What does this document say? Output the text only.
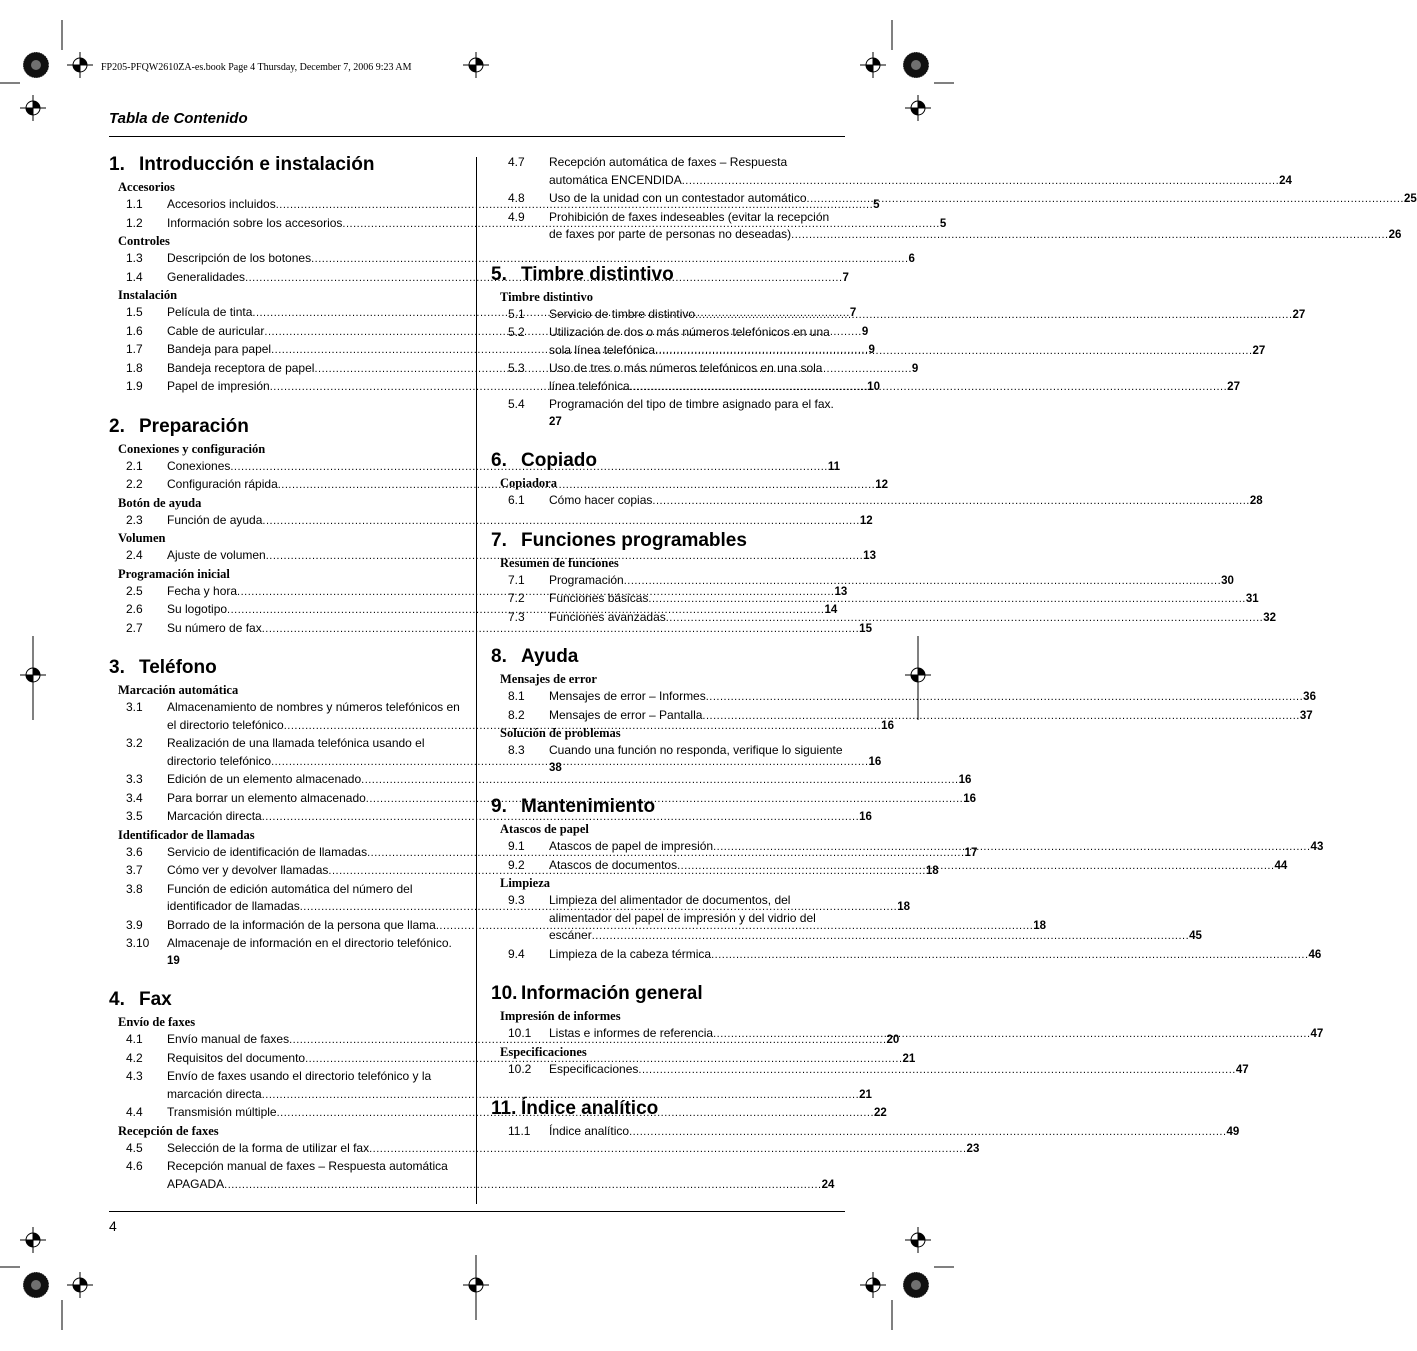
FP205-PFQW2610ZA-es.book Page 4 Thursday, December 7, 2006 9:23 AM
Tabla de Contenido
1. Introducción e instalación
Accesorios
1.1	Accesorios incluidos .....	5
1.2	Información sobre los accesorios .....	5
Controles
1.3	Descripción de los botones .....	6
1.4	Generalidades .....	7
Instalación
1.5	Película de tinta .....	7
1.6	Cable de auricular .....	9
1.7	Bandeja para papel .....	9
1.8	Bandeja receptora de papel .....	9
1.9	Papel de impresión .....	10
2. Preparación
Conexiones y configuración
2.1	Conexiones .....	11
2.2	Configuración rápida .....	12
Botón de ayuda
2.3	Función de ayuda .....	12
Volumen
2.4	Ajuste de volumen .....	13
Programación inicial
2.5	Fecha y hora .....	13
2.6	Su logotipo .....	14
2.7	Su número de fax .....	15
3. Teléfono
Marcación automática
3.1	Almacenamiento de nombres y números telefónicos en
el directorio telefónico .....	16
3.2	Realización de una llamada telefónica usando el
directorio telefónico .....	16
3.3	Edición de un elemento almacenado .....	16
3.4	Para borrar un elemento almacenado .....	16
3.5	Marcación directa .....	16
Identificador de llamadas
3.6	Servicio de identificación de llamadas .....	17
3.7	Cómo ver y devolver llamadas .....	18
3.8	Función de edición automática del número del
identificador de llamadas .....	18
3.9	Borrado de la información de la persona que llama .....	18
3.10	Almacenaje de información en el directorio telefónico .
19
4. Fax
Envío de faxes
4.1	Envío manual de faxes .....	20
4.2	Requisitos del documento .....	21
4.3	Envío de faxes usando el directorio telefónico y la
marcación directa .....	21
4.4	Transmisión múltiple .....	22
Recepción de faxes
4.5	Selección de la forma de utilizar el fax .....	23
4.6	Recepción manual de faxes – Respuesta automática
APAGADA .....	24
4.7	Recepción automática de faxes – Respuesta
automática ENCENDIDA .....	24
4.8	Uso de la unidad con un contestador automático .....	25
4.9	Prohibición de faxes indeseables (evitar la recepción
de faxes por parte de personas no deseadas) .....	26
5. Timbre distintivo
Timbre distintivo
5.1	Servicio de timbre distintivo .....	27
5.2	Utilización de dos o más números telefónicos en una
sola línea telefónica .....	27
5.3	Uso de tres o más números telefónicos en una sola
línea telefónica .....	27
5.4	Programación del tipo de timbre asignado para el fax .
27
6. Copiado
Copiadora
6.1	Cómo hacer copias .....	28
7. Funciones programables
Resumen de funciones
7.1	Programación .....	30
7.2	Funciones básicas .....	31
7.3	Funciones avanzadas .....	32
8. Ayuda
Mensajes de error
8.1	Mensajes de error – Informes .....	36
8.2	Mensajes de error – Pantalla .....	37
Solución de problemas
8.3	Cuando una función no responda, verifique lo siguiente
38
9. Mantenimiento
Atascos de papel
9.1	Atascos de papel de impresión .....	43
9.2	Atascos de documentos .....	44
Limpieza
9.3	Limpieza del alimentador de documentos, del
alimentador del papel de impresión y del vidrio del
escáner .....	45
9.4	Limpieza de la cabeza térmica .....	46
10. Información general
Impresión de informes
10.1	Listas e informes de referencia .....	47
Especificaciones
10.2	Especificaciones .....	47
11. Índice analítico
11.1	Índice analítico .....	49
4
